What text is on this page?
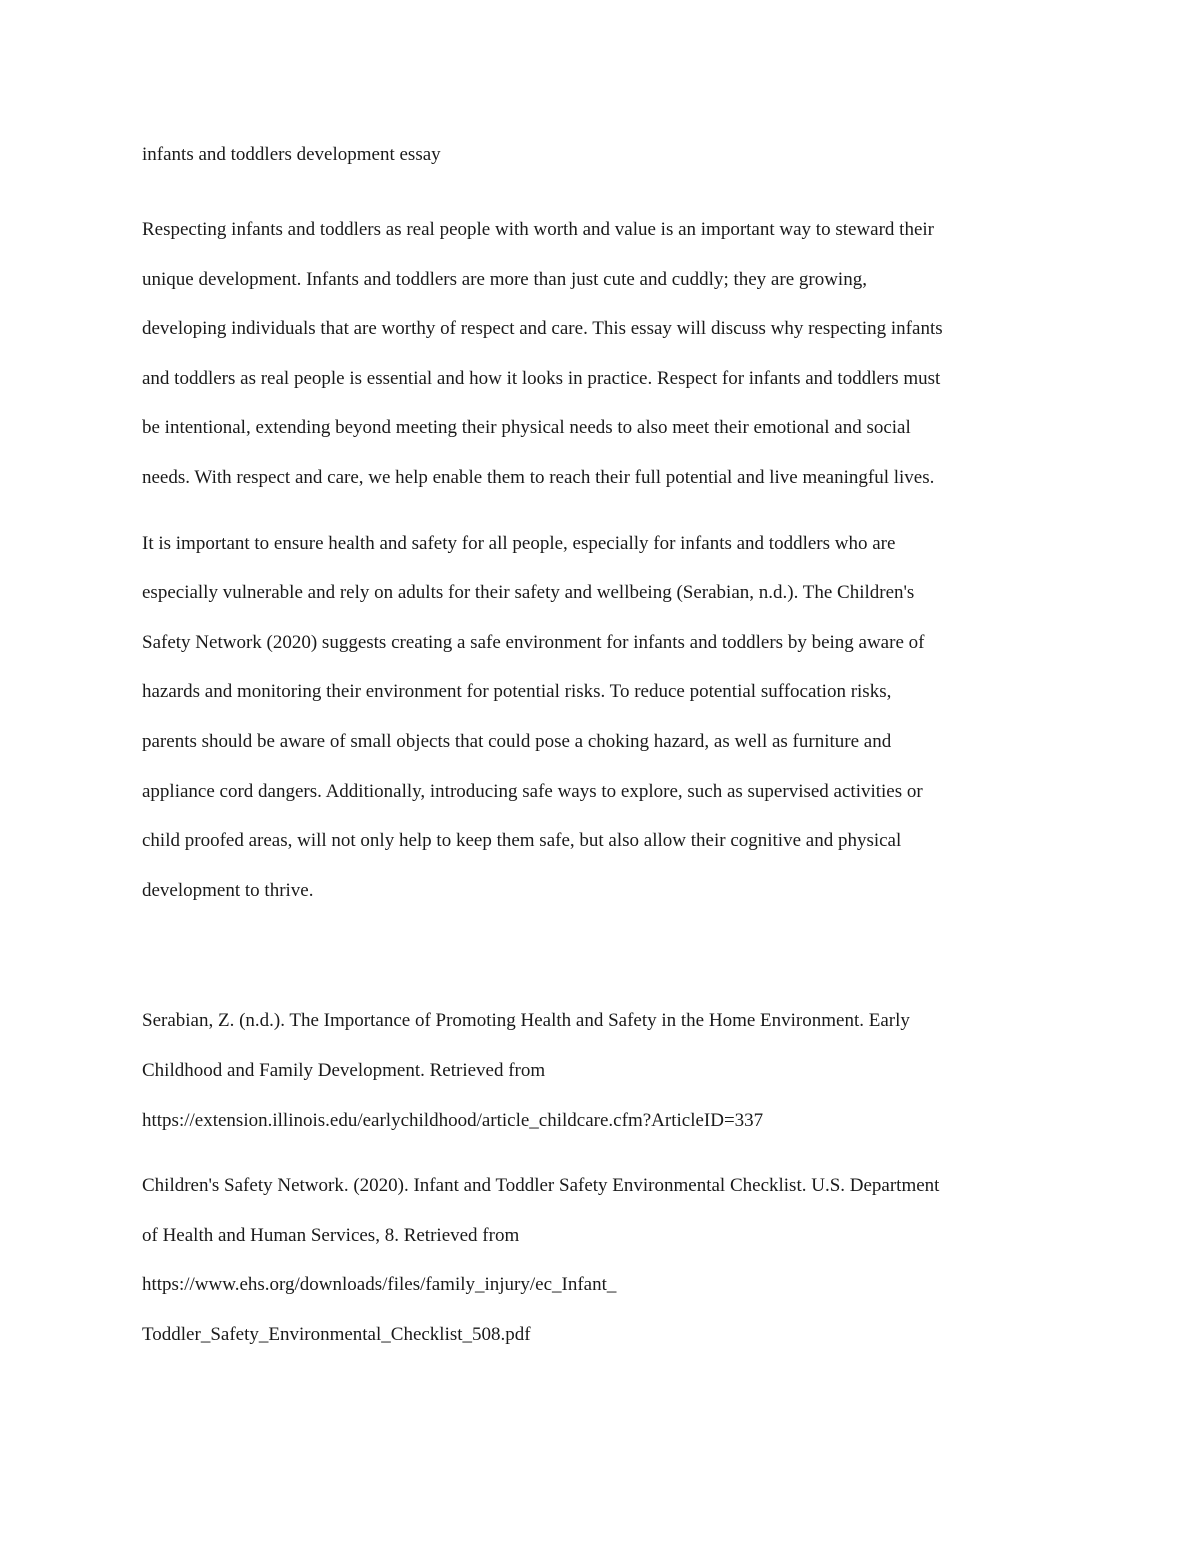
infants and toddlers development essay

Respecting infants and toddlers as real people with worth and value is an important way to steward their
unique development. Infants and toddlers are more than just cute and cuddly; they are growing,
developing individuals that are worthy of respect and care. This essay will discuss why respecting infants
and toddlers as real people is essential and how it looks in practice. Respect for infants and toddlers must
be intentional, extending beyond meeting their physical needs to also meet their emotional and social
needs. With respect and care, we help enable them to reach their full potential and live meaningful lives.
It is important to ensure health and safety for all people, especially for infants and toddlers who are
especially vulnerable and rely on adults for their safety and wellbeing (Serabian, n.d.). The Children's
Safety Network (2020) suggests creating a safe environment for infants and toddlers by being aware of
hazards and monitoring their environment for potential risks. To reduce potential suffocation risks,
parents should be aware of small objects that could pose a choking hazard, as well as furniture and
appliance cord dangers. Additionally, introducing safe ways to explore, such as supervised activities or
child proofed areas, will not only help to keep them safe, but also allow their cognitive and physical
development to thrive.
Serabian, Z. (n.d.). The Importance of Promoting Health and Safety in the Home Environment. Early
Childhood and Family Development. Retrieved from
https://extension.illinois.edu/earlychildhood/article_childcare.cfm?ArticleID=337
Children's Safety Network. (2020). Infant and Toddler Safety Environmental Checklist. U.S. Department
of Health and Human Services, 8. Retrieved from
https://www.ehs.org/downloads/files/family_injury/ec_Infant_
Toddler_Safety_Environmental_Checklist_508.pdf
